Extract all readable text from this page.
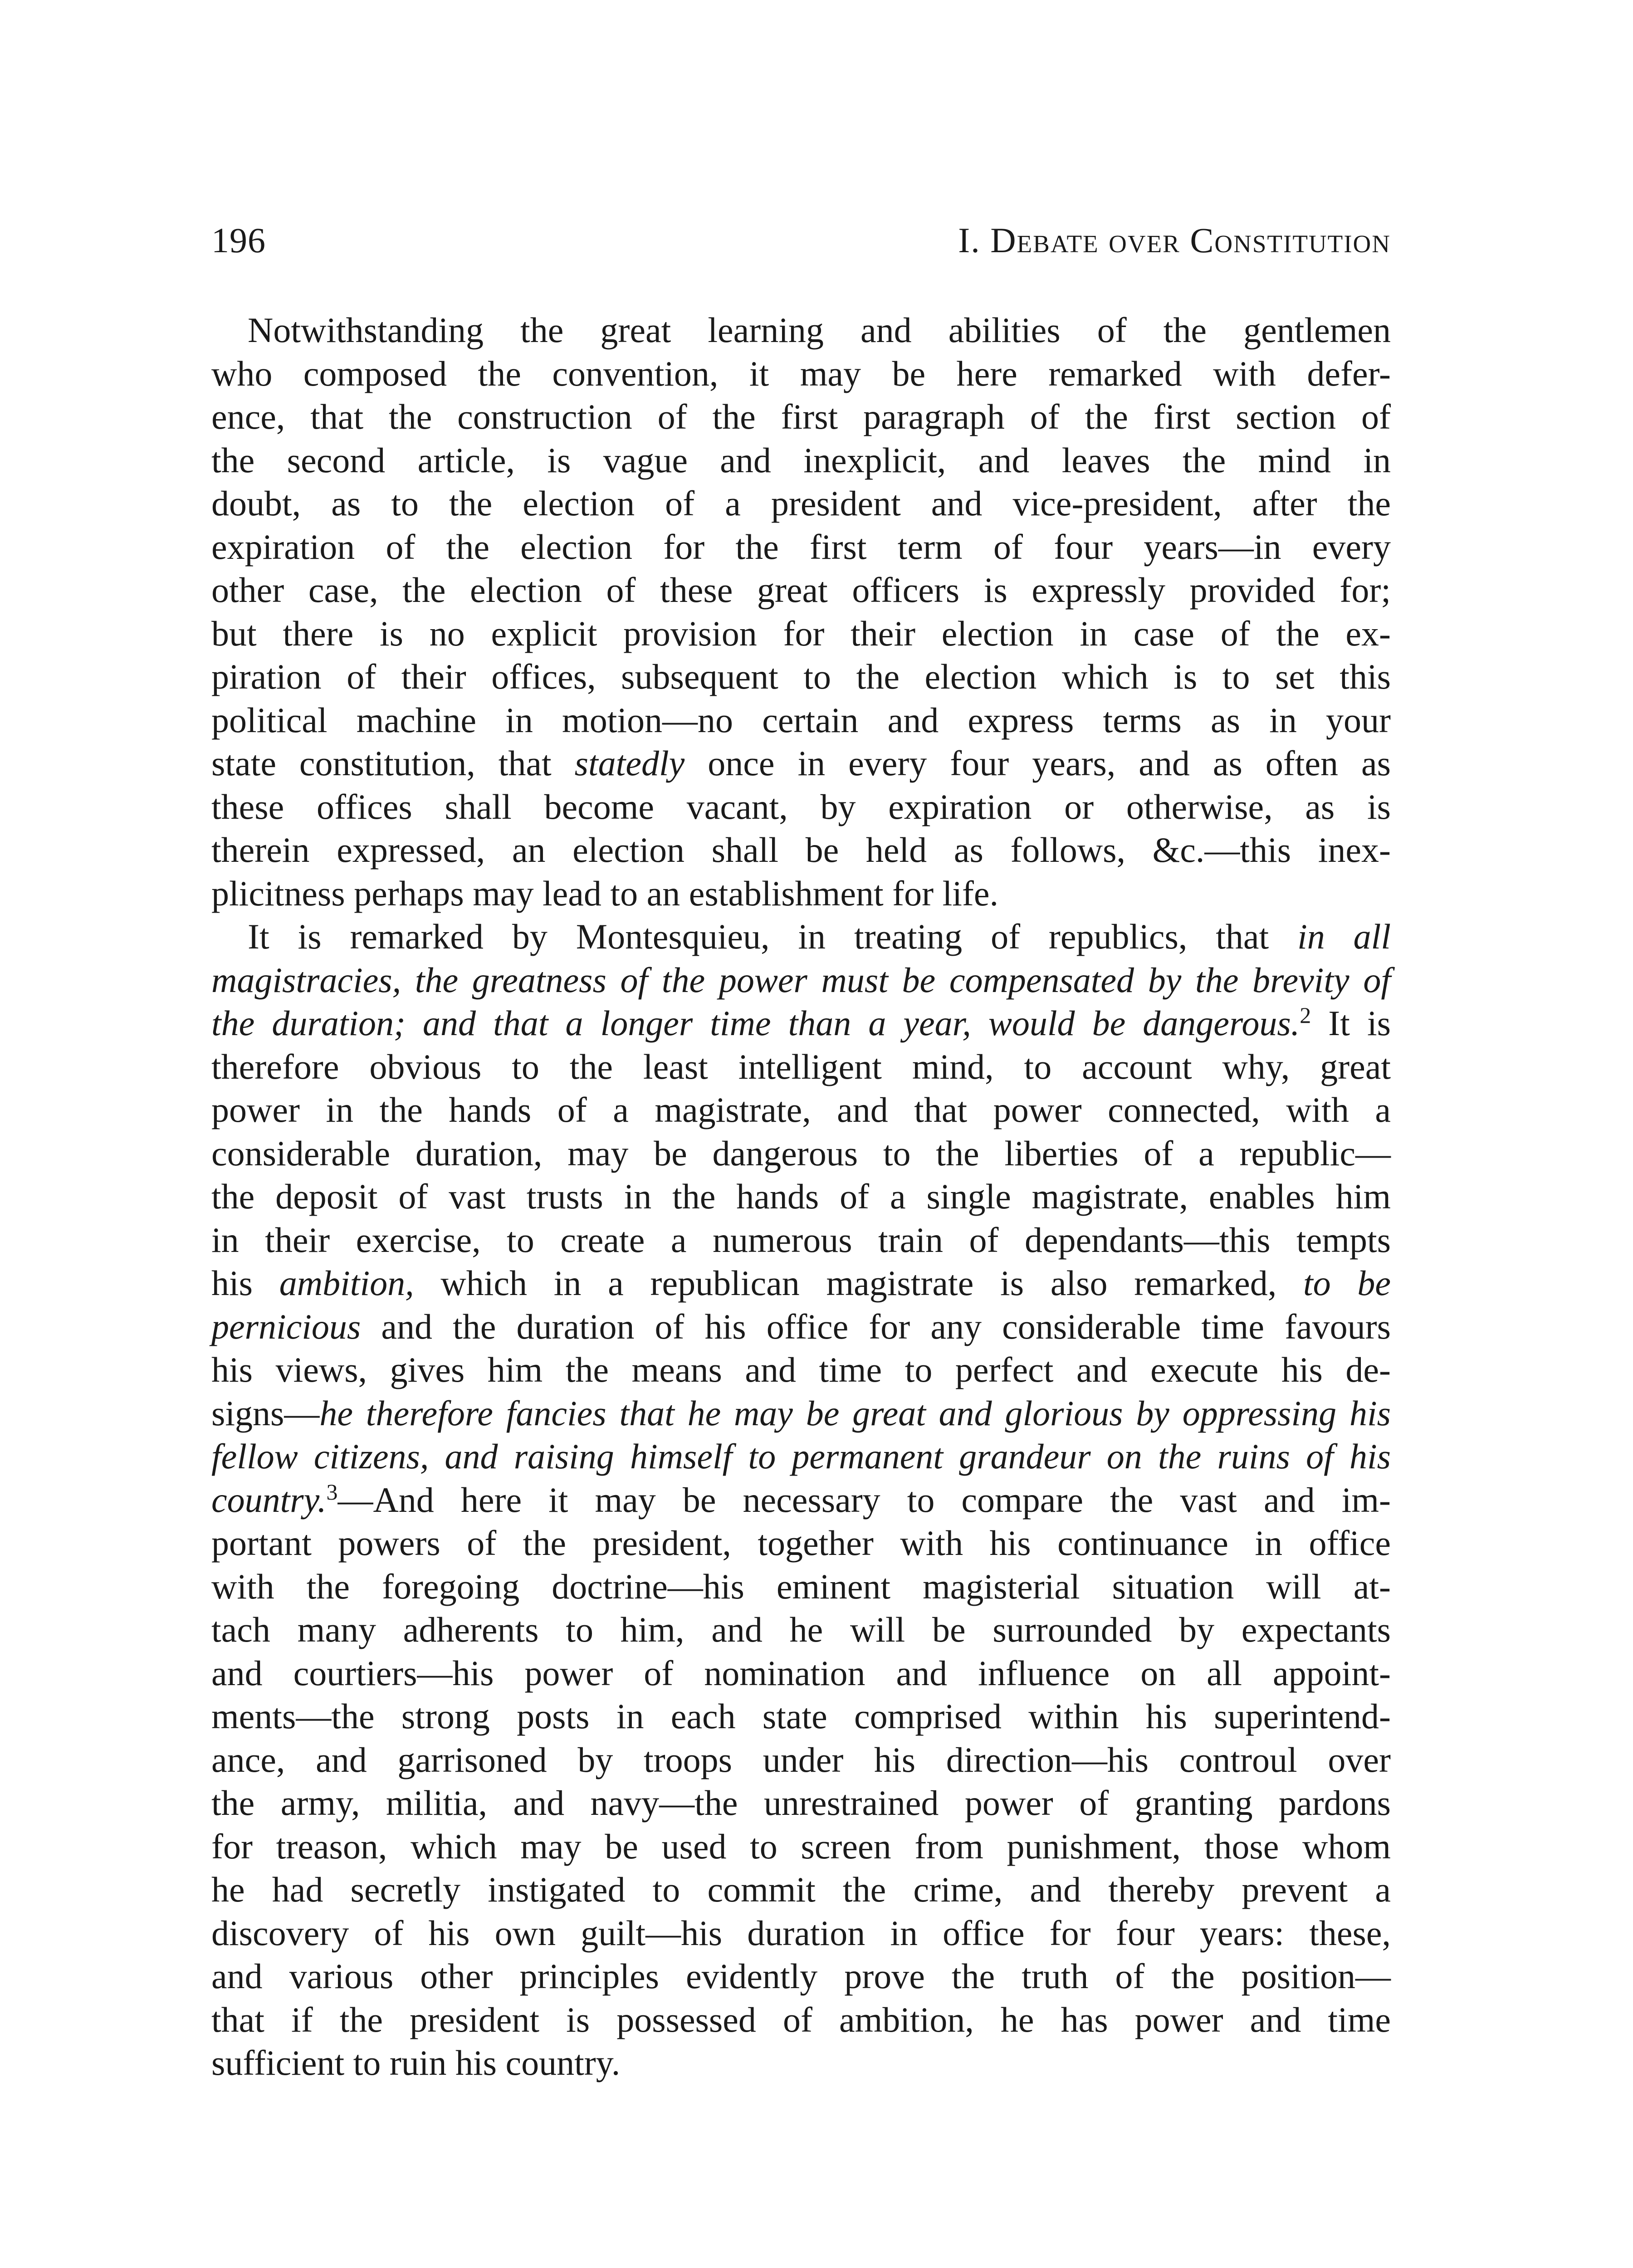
196	I. Debate over Constitution
Notwithstanding the great learning and abilities of the gentlemen
who composed the convention, it may be here remarked with defer-
ence, that the construction of the first paragraph of the first section of
the second article, is vague and inexplicit, and leaves the mind in
doubt, as to the election of a president and vice-president, after the
expiration of the election for the first term of four years—in every
other case, the election of these great officers is expressly provided for;
but there is no explicit provision for their election in case of the ex-
piration of their offices, subsequent to the election which is to set this
political machine in motion—no certain and express terms as in your
state constitution, that statedly once in every four years, and as often as
these offices shall become vacant, by expiration or otherwise, as is
therein expressed, an election shall be held as follows, &c.—this inex-
plicitness perhaps may lead to an establishment for life.
It is remarked by Montesquieu, in treating of republics, that in all
magistracies, the greatness of the power must be compensated by the brevity of
the duration; and that a longer time than a year, would be dangerous.$^2$ It is
therefore obvious to the least intelligent mind, to account why, great
power in the hands of a magistrate, and that power connected, with a
considerable duration, may be dangerous to the liberties of a republic—
the deposit of vast trusts in the hands of a single magistrate, enables him
in their exercise, to create a numerous train of dependants—this tempts
his ambition, which in a republican magistrate is also remarked, to be
pernicious and the duration of his office for any considerable time favours
his views, gives him the means and time to perfect and execute his de-
signs—he therefore fancies that he may be great and glorious by oppressing his
fellow citizens, and raising himself to permanent grandeur on the ruins of his
country.$^3$—And here it may be necessary to compare the vast and im-
portant powers of the president, together with his continuance in office
with the foregoing doctrine—his eminent magisterial situation will at-
tach many adherents to him, and he will be surrounded by expectants
and courtiers—his power of nomination and influence on all appoint-
ments—the strong posts in each state comprised within his superintend-
ance, and garrisoned by troops under his direction—his controul over
the army, militia, and navy—the unrestrained power of granting pardons
for treason, which may be used to screen from punishment, those whom
he had secretly instigated to commit the crime, and thereby prevent a
discovery of his own guilt—his duration in office for four years: these,
and various other principles evidently prove the truth of the position—
that if the president is possessed of ambition, he has power and time
sufficient to ruin his country.
